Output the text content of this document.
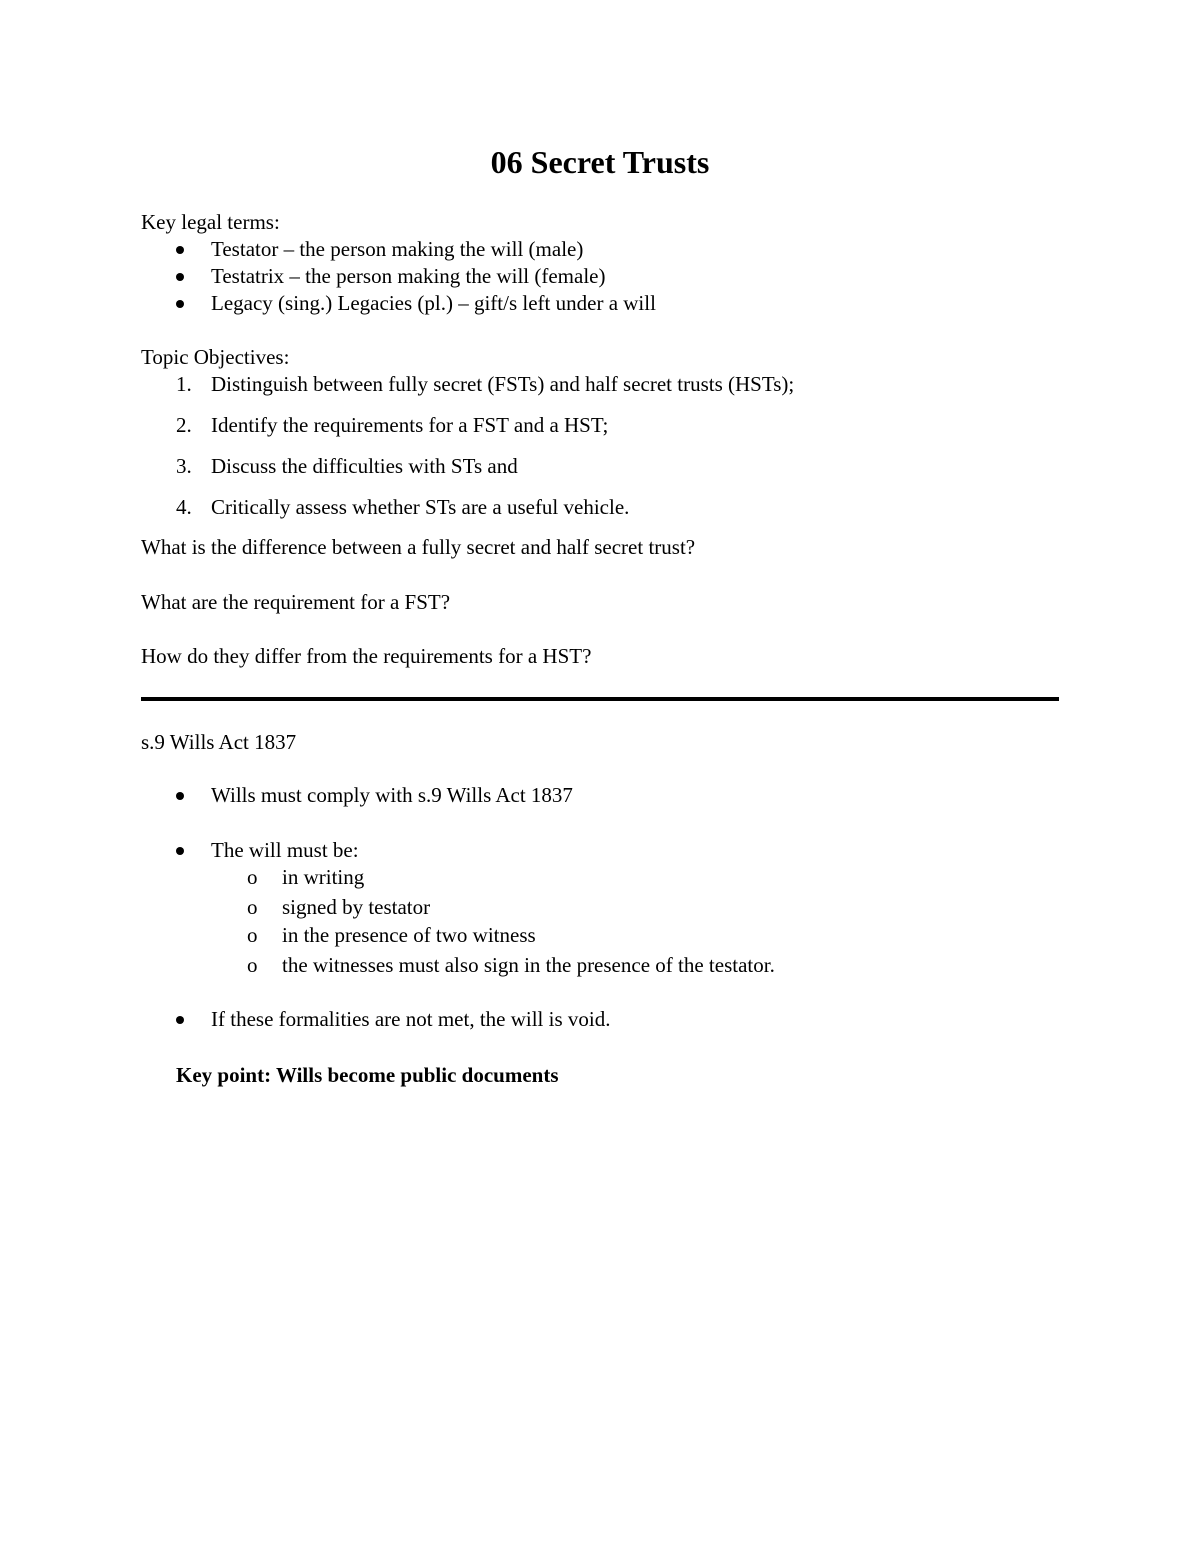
06 Secret Trusts
Key legal terms:
Testator – the person making the will (male)
Testatrix – the person making the will (female)
Legacy (sing.) Legacies (pl.) – gift/s left under a will
Topic Objectives:
1. Distinguish between fully secret (FSTs) and half secret trusts (HSTs);
2. Identify the requirements for a FST and a HST;
3. Discuss the difficulties with STs and
4. Critically assess whether STs are a useful vehicle.
What is the difference between a fully secret and half secret trust?
What are the requirement for a FST?
How do they differ from the requirements for a HST?
s.9 Wills Act 1837
Wills must comply with s.9 Wills Act 1837
The will must be:
o in writing
o signed by testator
o in the presence of two witness
o the witnesses must also sign in the presence of the testator.
If these formalities are not met, the will is void.
Key point: Wills become public documents
